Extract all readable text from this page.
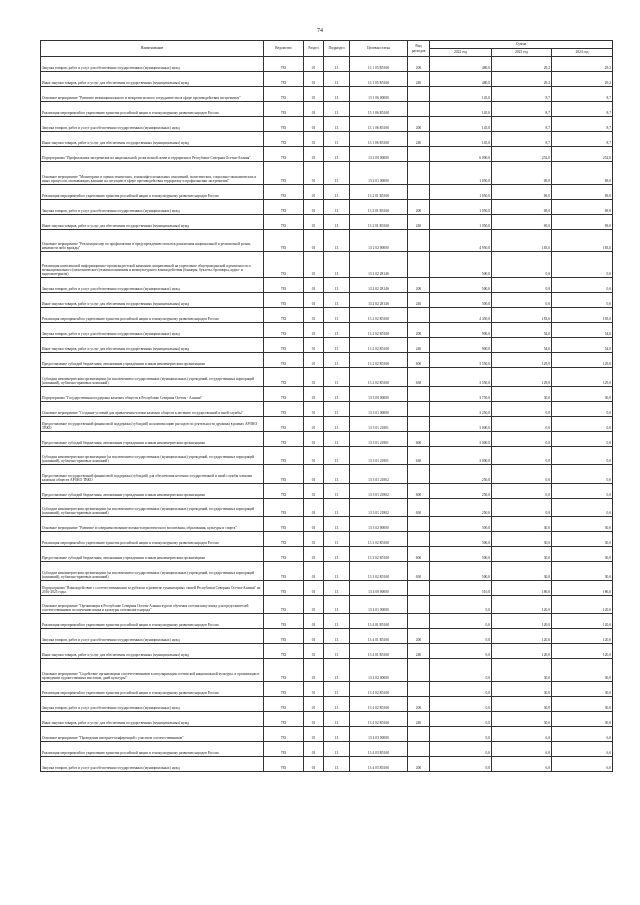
74
Наименование	Ведомство	Раздел	Подраздел	Целевая статья	Вид расходов	Сумма		
						2022 год	2023 год	2024 год
Закупка товаров, работ и услуг для обеспечения государственных (муниципальных) нужд	783	01	13	13 1 05 R5160	200	480,0	29,2	29,2
Иные закупки товаров, работ и услуг для обеспечения государственных (муниципальных) нужд	783	01	13	13 1 05 R5160	240	480,0	29,2	29,2
Основное мероприятие "Развитие межнационального и межрелигиозного сотрудничества в сфере противодействия экстремизму"	783	01	13	13 1 06 00000		145,0	8,7	8,7
Реализация мероприятий по укреплению единства российской нации и этнокультурному развитию народов России	783	01	13	13 1 06 R5160		145,0	8,7	8,7
Закупка товаров, работ и услуг для обеспечения государственных (муниципальных) нужд	783	01	13	13 1 06 R5160	200	145,0	8,7	8,7
Иные закупки товаров, работ и услуг для обеспечения государственных (муниципальных) нужд	783	01	13	13 1 06 R5160	240	145,0	8,7	8,7
Подпрограмма "Профилактика экстремизма на национальной, религиозной почве и терроризма в Республике Северная Осетия-Алания"	783	01	13	13 2 00 00000		6 000,0	252,0	252,0
Основное мероприятие "Мониторинг и оценка этнических, этноконфессиональных отношений, политических, социально-экономических и иных процессов, оказывающих влияние на ситуацию в сфере противодействия терроризму и профилактики экстремизма"	783	01	13	13 2 01 00000		1 050,0	69,0	69,0
Реализация мероприятий по укреплению единства российской нации и этнокультурному развитию народов России	783	01	13	13 2 01 R5160		1 050,0	69,0	69,0
Закупка товаров, работ и услуг для обеспечения государственных (муниципальных) нужд	783	01	13	13 2 01 R5160	200	1 050,0	69,0	69,0
Иные закупки товаров, работ и услуг для обеспечения государственных (муниципальных) нужд	783	01	13	13 2 01 R5160	240	1 050,0	69,0	69,0
Основное мероприятие "Реализация мер по профилактике и предупреждению попыток разжигания национальной и религиозной розни, ненависти либо вражды"	783	01	13	13 2 02 00000		4 950,0	183,0	183,0
Реализация комплексной информационно-пропагандистской кампании, направленной на укрепление общегражданской идентичности и межнационального (межэтнического) взаимопонимания и межкультурного взаимодействия (баннеры, буклеты, брошюры, аудио- и видеоматериалы)	783	01	13	13 2 02 2814S		500,0	0,0	0,0
Закупка товаров, работ и услуг для обеспечения государственных (муниципальных) нужд	783	01	13	13 2 02 2814S	200	500,0	0,0	0,0
Иные закупки товаров, работ и услуг для обеспечения государственных (муниципальных) нужд	783	01	13	13 2 02 2814S	240	500,0	0,0	0,0
Реализация мероприятий по укреплению единства российской нации и этнокультурному развитию народов России	783	01	13	13 2 02 R5160		4 450,0	183,0	183,0
Закупка товаров, работ и услуг для обеспечения государственных (муниципальных) нужд	783	01	13	13 2 02 R5160	200	900,0	54,0	54,0
Иные закупки товаров, работ и услуг для обеспечения государственных (муниципальных) нужд	783	01	13	13 2 02 R5160	240	900,0	54,0	54,0
Предоставление субсидий бюджетным, автономным учреждениям и иным некоммерческим организациям	783	01	13	13 2 02 R5160	600	3 550,0	129,0	129,0
Субсидии некоммерческим организациям (за исключением государственных (муниципальных) учреждений, государственных корпораций (компаний), публично-правовых компаний)	783	01	13	13 2 02 R5160	630	3 550,0	129,0	129,0
Подпрограмма "Государственная поддержка казачьих обществ в Республике Северная Осетия - Алания"	783	01	13	13 3 00 00000		3 750,0	30,0	30,0
Основное мероприятие "Создание условий для привлечения членов казачьих обществ к несению государственной и иной службы"	783	01	13	13 3 01 00000		3 250,0	0,0	0,0
Предоставление государственной финансовой поддержки (субсидий) на компенсацию расходов по деятельности дружины в рамках АРОКО ТВКО	783	01	13	13 3 01 21801		3 000,0	0,0	0,0
Предоставление субсидий бюджетным, автономным учреждениям и иным некоммерческим организациям	783	01	13	13 3 01 21801	600	3 000,0	0,0	0,0
Субсидии некоммерческим организациям (за исключением государственных (муниципальных) учреждений, государственных корпораций (компаний), публично-правовых компаний)	783	01	13	13 3 01 21801	630	3 000,0	0,0	0,0
Предоставление государственной финансовой поддержки (субсидий) для обеспечения несения государственной и иной службы членами казачьих обществ АРОКО ТВКО	783	01	13	13 3 01 21802		250,0	0,0	0,0
Предоставление субсидий бюджетным, автономным учреждениям и иным некоммерческим организациям	783	01	13	13 3 01 21802	600	250,0	0,0	0,0
Субсидии некоммерческим организациям (за исключением государственных (муниципальных) учреждений, государственных корпораций (компаний), публично-правовых компаний)	783	01	13	13 3 01 21802	630	250,0	0,0	0,0
Основное мероприятие "Развитие и совершенствование военно-патриотического воспитания, образования, культуры и спорта"	783	01	13	13 3 02 00000		500,0	30,0	30,0
Реализация мероприятий по укреплению единства российской нации и этнокультурному развитию народов России	783	01	13	13 3 02 R5160		500,0	30,0	30,0
Предоставление субсидий бюджетным, автономным учреждениям и иным некоммерческим организациям	783	01	13	13 3 02 R5160	600	500,0	30,0	30,0
Субсидии некоммерческим организациям (за исключением государственных (муниципальных) учреждений, государственных корпораций (компаний), публично-правовых компаний)	783	01	13	13 3 02 R5160	630	500,0	30,0	30,0
Подпрограмма "Взаимодействие с соотечественниками за рубежом и развитие гуманитарных связей Республики Северная Осетия-Алания" на 2016-2025 годы	783	01	13	13 4 00 00000		510,0	186,0	186,0
Основное мероприятие "Организация в Республике Северная Осетия-Алания курсов обучения осетинскому языку для представителей соотечественников по изучению языка и культуры осетинского народа"	783	01	13	13 4 01 00000		0,0	120,0	120,0
Реализация мероприятий по укреплению единства российской нации и этнокультурному развитию народов России	783	01	13	13 4 01 R5160		0,0	120,0	120,0
Закупка товаров, работ и услуг для обеспечения государственных (муниципальных) нужд	783	01	13	13 4 01 R5160	200	0,0	120,0	120,0
Иные закупки товаров, работ и услуг для обеспечения государственных (муниципальных) нужд	783	01	13	13 4 01 R5160	240	0,0	120,0	120,0
Основное мероприятие "Содействие организациям соотечественников в популяризации осетинской национальной культуры, в организации и проведении художественных выставок, дней культуры"	783	01	13	13 4 02 00000		0,0	30,0	30,0
Реализация мероприятий по укреплению единства российской нации и этнокультурному развитию народов России	783	01	13	13 4 02 R5160		0,0	30,0	30,0
Закупка товаров, работ и услуг для обеспечения государственных (муниципальных) нужд	783	01	13	13 4 02 R5160	200	0,0	30,0	30,0
Иные закупки товаров, работ и услуг для обеспечения государственных (муниципальных) нужд	783	01	13	13 4 02 R5160	240	0,0	30,0	30,0
Основное мероприятие "Проведение интернет-конференций с участием соотечественников"	783	01	13	13 4 03 00000		0,0	6,0	6,0
Реализация мероприятий по укреплению единства российской нации и этнокультурному развитию народов России	783	01	13	13 4 03 R5160		0,0	6,0	6,0
Закупка товаров, работ и услуг для обеспечения государственных (муниципальных) нужд	783	01	13	13 4 03 R5160	200	0,0	6,0	6,0
